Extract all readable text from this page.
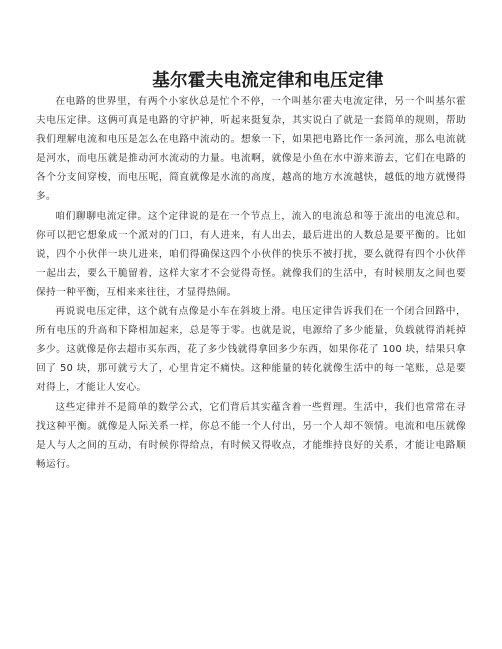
基尔霍夫电流定律和电压定律

在电路的世界里，有两个小家伙总是忙个不停，一个叫基尔霍夫电流定律，另一个叫基尔霍夫电压定律。这俩可真是电路的守护神，听起来挺复杂，其实说白了就是一套简单的规则，帮助我们理解电流和电压是怎么在电路中流动的。想象一下，如果把电路比作一条河流，那么电流就是河水，而电压就是推动河水流动的力量。电流啊，就像是小鱼在水中游来游去，它们在电路的各个分支间穿梭，而电压呢，简直就像是水流的高度，越高的地方水流越快，越低的地方就慢得多。

咱们聊聊电流定律。这个定律说的是在一个节点上，流入的电流总和等于流出的电流总和。你可以把它想象成一个派对的门口，有人进来，有人出去，最后进出的人数总是要平衡的。比如说，四个小伙伴一块儿进来，咱们得确保这四个小伙伴的快乐不被打扰，要么就得有四个小伙伴一起出去，要么干脆留着，这样大家才不会觉得奇怪。就像我们的生活中，有时候朋友之间也要保持一种平衡，互相来来往往，才显得热闹。

再说说电压定律，这个就有点像是小车在斜坡上滑。电压定律告诉我们在一个闭合回路中，所有电压的升高和下降相加起来，总是等于零。也就是说，电源给了多少能量，负载就得消耗掉多少。这就像是你去超市买东西，花了多少钱就得拿回多少东西，如果你花了 100 块，结果只拿回了 50 块，那可就亏大了，心里肯定不痛快。这种能量的转化就像生活中的每一笔账，总是要对得上，才能让人安心。

这些定律并不是简单的数学公式，它们背后其实蕴含着一些哲理。生活中，我们也常常在寻找这种平衡。就像是人际关系一样，你总不能一个人付出，另一个人却不领情。电流和电压就像是人与人之间的互动，有时候你得给点，有时候又得收点，才能维持良好的关系，才能让电路顺畅运行。
